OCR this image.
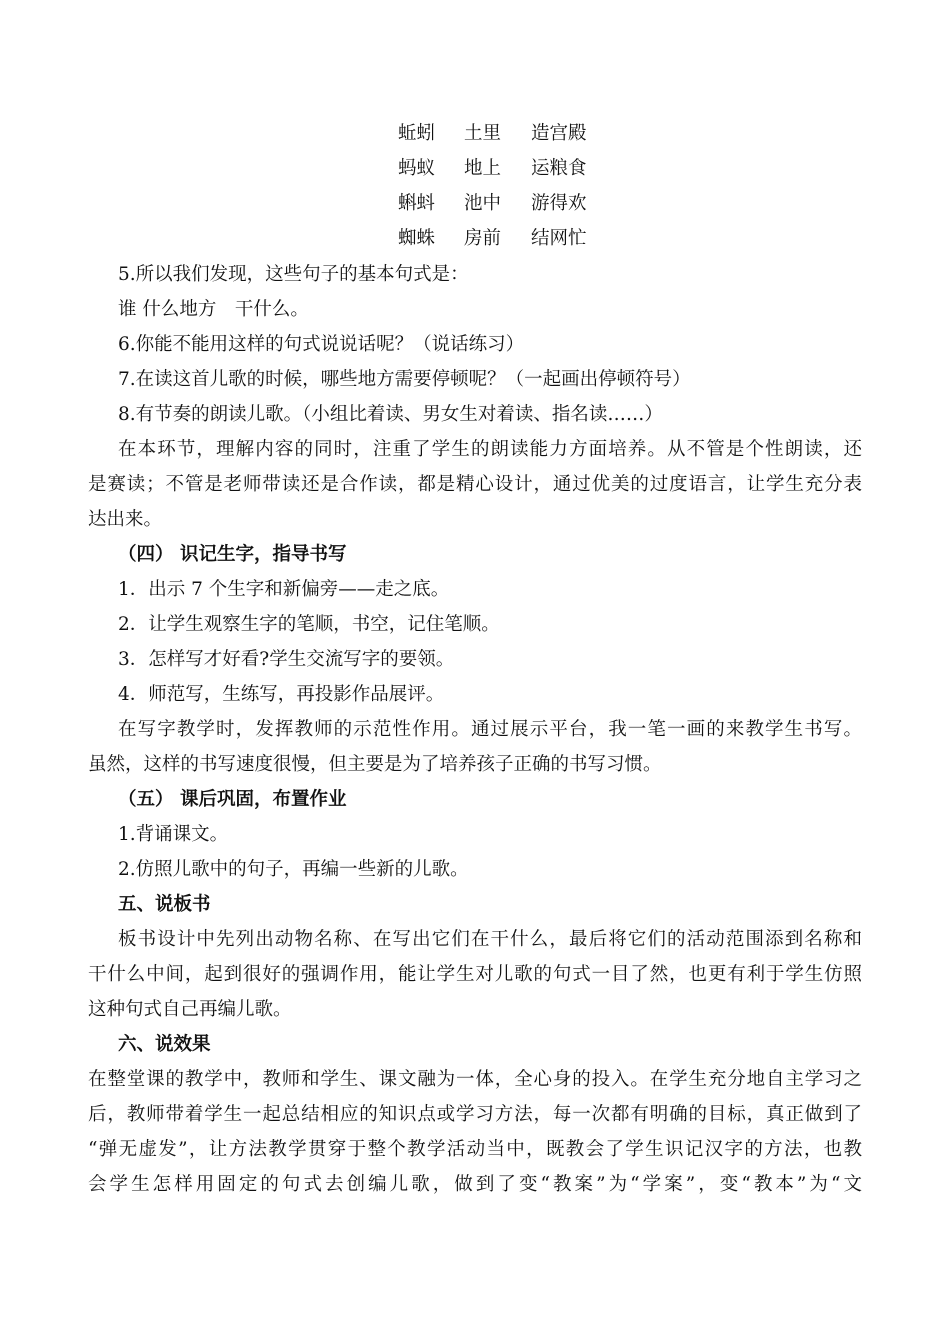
蚯蚓 土里 造宫殿
蚂蚁 地上 运粮食
蝌蚪 池中 游得欢
蜘蛛 房前 结网忙
5.所以我们发现，这些句子的基本句式是：
谁 什么地方　干什么。
6.你能不能用这样的句式说说话呢？（说话练习）
7.在读这首儿歌的时候，哪些地方需要停顿呢？（一起画出停顿符号）
8.有节奏的朗读儿歌。（小组比着读、男女生对着读、指名读……）
在本环节，理解内容的同时，注重了学生的朗读能力方面培养。从不管是个性朗读，还
是赛读；不管是老师带读还是合作读，都是精心设计，通过优美的过度语言，让学生充分表
达出来。
（四） 识记生字，指导书写
1．出示 7 个生字和新偏旁——走之底。
2．让学生观察生字的笔顺，书空，记住笔顺。
3．怎样写才好看?学生交流写字的要领。
4．师范写，生练写，再投影作品展评。
在写字教学时，发挥教师的示范性作用。通过展示平台，我一笔一画的来教学生书写。
虽然，这样的书写速度很慢，但主要是为了培养孩子正确的书写习惯。
（五） 课后巩固，布置作业
1.背诵课文。
2.仿照儿歌中的句子，再编一些新的儿歌。
五、说板书
板书设计中先列出动物名称、在写出它们在干什么，最后将它们的活动范围添到名称和
干什么中间，起到很好的强调作用，能让学生对儿歌的句式一目了然，也更有利于学生仿照
这种句式自己再编儿歌。
六、说效果
在整堂课的教学中，教师和学生、课文融为一体，全心身的投入。在学生充分地自主学习之
后，教师带着学生一起总结相应的知识点或学习方法，每一次都有明确的目标，真正做到了
“弹无虚发”，让方法教学贯穿于整个教学活动当中，既教会了学生识记汉字的方法，也教
会学生怎样用固定的句式去创编儿歌，做到了变“教案”为“学案”，变“教本”为“文
